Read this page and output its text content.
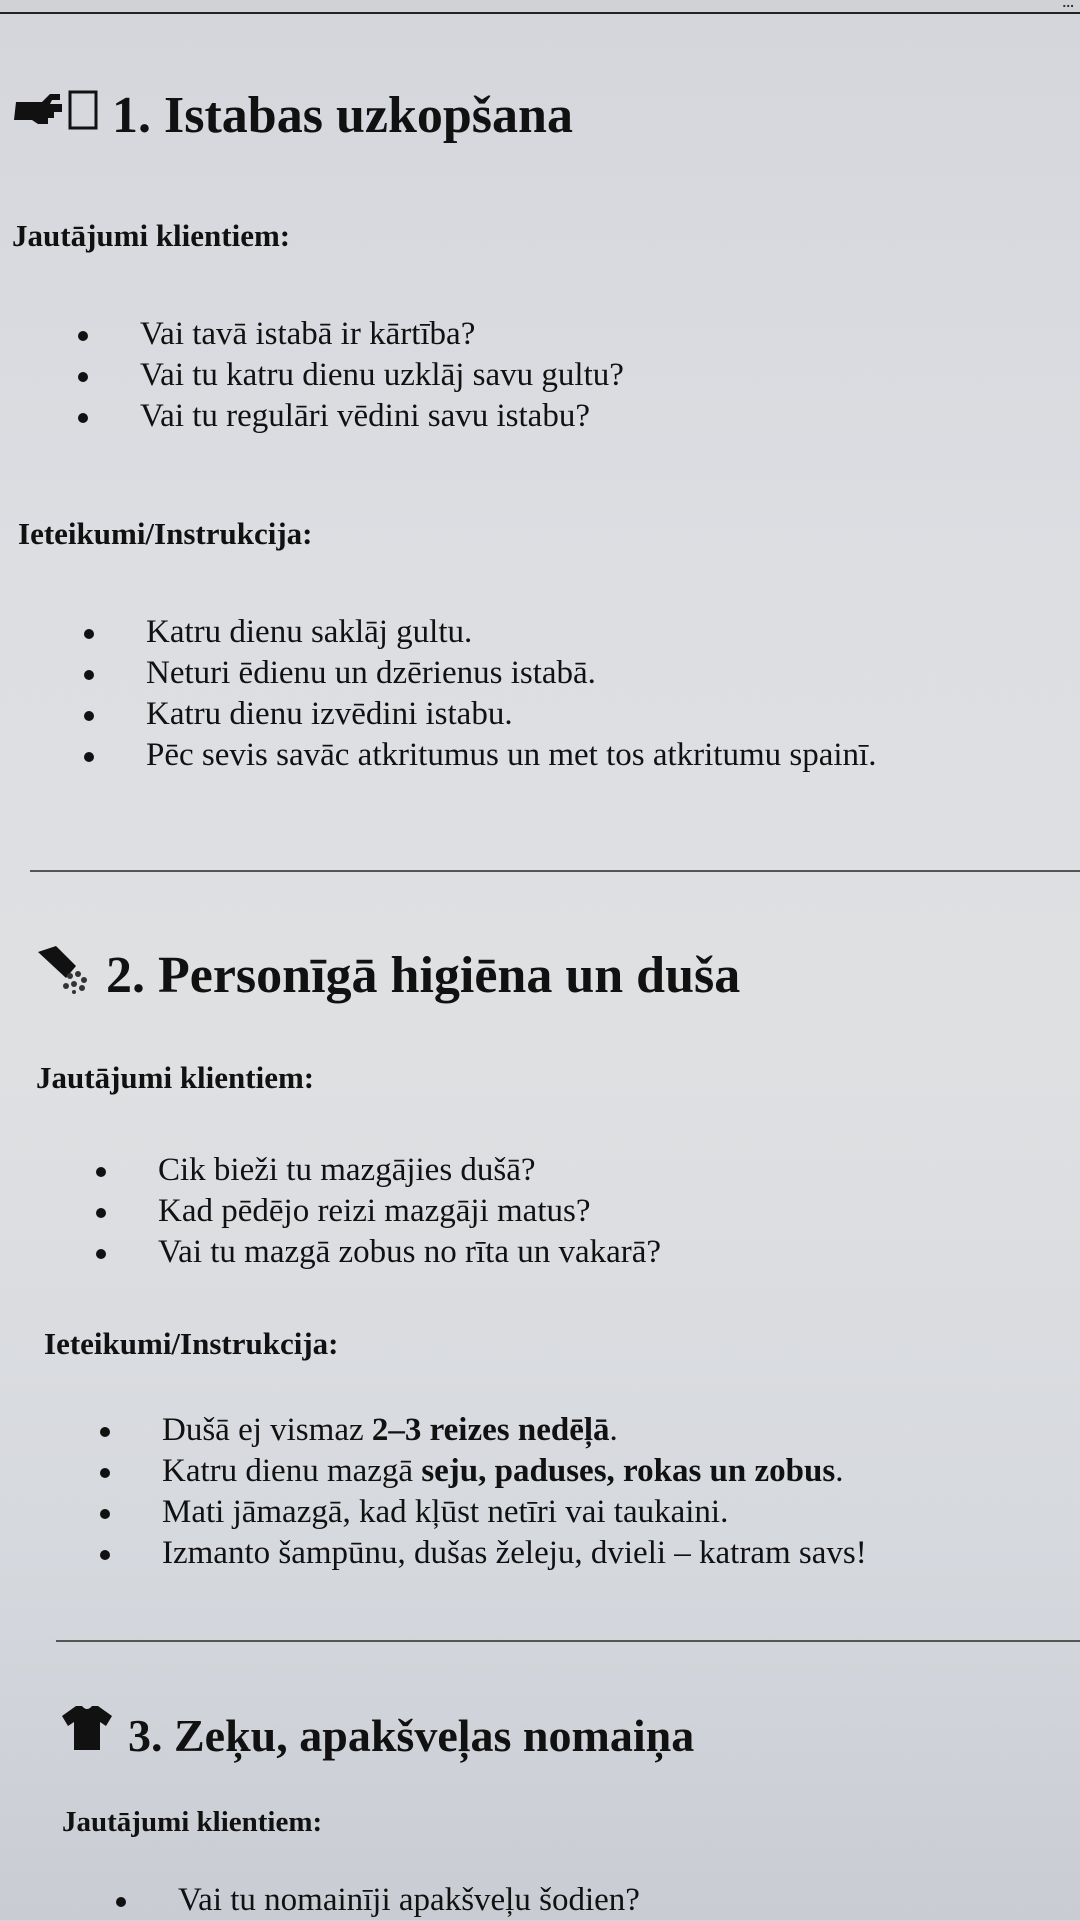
...
1. Istabas uzkopšana
Jautājumi klientiem:
Vai tavā istabā ir kārtība?
Vai tu katru dienu uzklāj savu gultu?
Vai tu regulāri vēdini savu istabu?
Ieteikumi/Instrukcija:
Katru dienu saklāj gultu.
Neturi ēdienu un dzērienus istabā.
Katru dienu izvēdini istabu.
Pēc sevis savāc atkritumus un met tos atkritumu spainī.
2. Personīgā higiēna un duša
Jautājumi klientiem:
Cik bieži tu mazgājies dušā?
Kad pēdējo reizi mazgāji matus?
Vai tu mazgā zobus no rīta un vakarā?
Ieteikumi/Instrukcija:
Dušā ej vismaz 2–3 reizes nedēļā.
Katru dienu mazgā seju, paduses, rokas un zobus.
Mati jāmazgā, kad kļūst netīri vai taukaini.
Izmanto šampūnu, dušas želeju, dvieli – katram savs!
3. Zeķu, apakšveļas nomaiņa
Jautājumi klientiem:
Vai tu nomainīji apakšveļu šodien?
